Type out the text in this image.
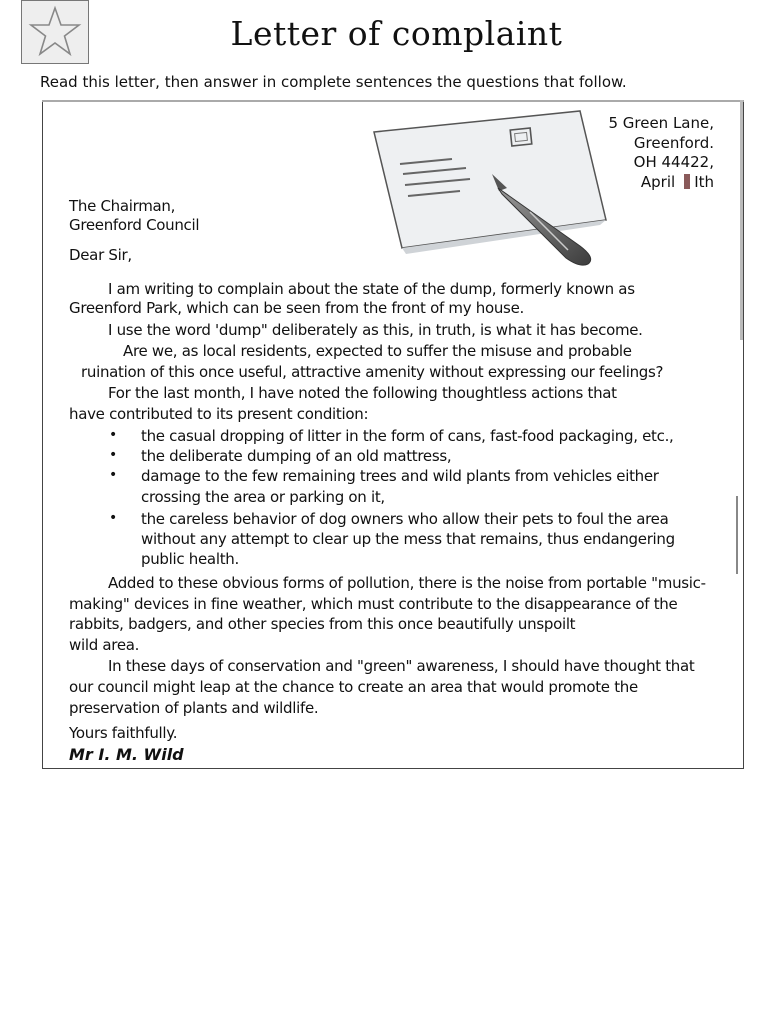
Letter of complaint
Read this letter, then answer in complete sentences the questions that follow.
5 Green Lane,
Greenford.
OH 44422,
April Ith
The Chairman,
Greenford Council
Dear Sir,
I am writing to complain about the state of the dump, formerly known as
Greenford Park, which can be seen from the front of my house.
I use the word 'dump" deliberately as this, in truth, is what it has become.
Are we, as local residents, expected to suffer the misuse and probable
ruination of this once useful, attractive amenity without expressing our feelings?
For the last month, I have noted the following thoughtless actions that
have contributed to its present condition:
• the casual dropping of litter in the form of cans, fast-food packaging, etc.,
• the deliberate dumping of an old mattress,
• damage to the few remaining trees and wild plants from vehicles either
crossing the area or parking on it,
• the careless behavior of dog owners who allow their pets to foul the area
without any attempt to clear up the mess that remains, thus endangering
public health.
Added to these obvious forms of pollution, there is the noise from portable "music-
making" devices in fine weather, which must contribute to the disappearance of the
rabbits, badgers, and other species from this once beautifully unspoilt
wild area.
In these days of conservation and "green" awareness, I should have thought that
our council might leap at the chance to create an area that would promote the
preservation of plants and wildlife.
Yours faithfully.
Mr I. M. Wild
